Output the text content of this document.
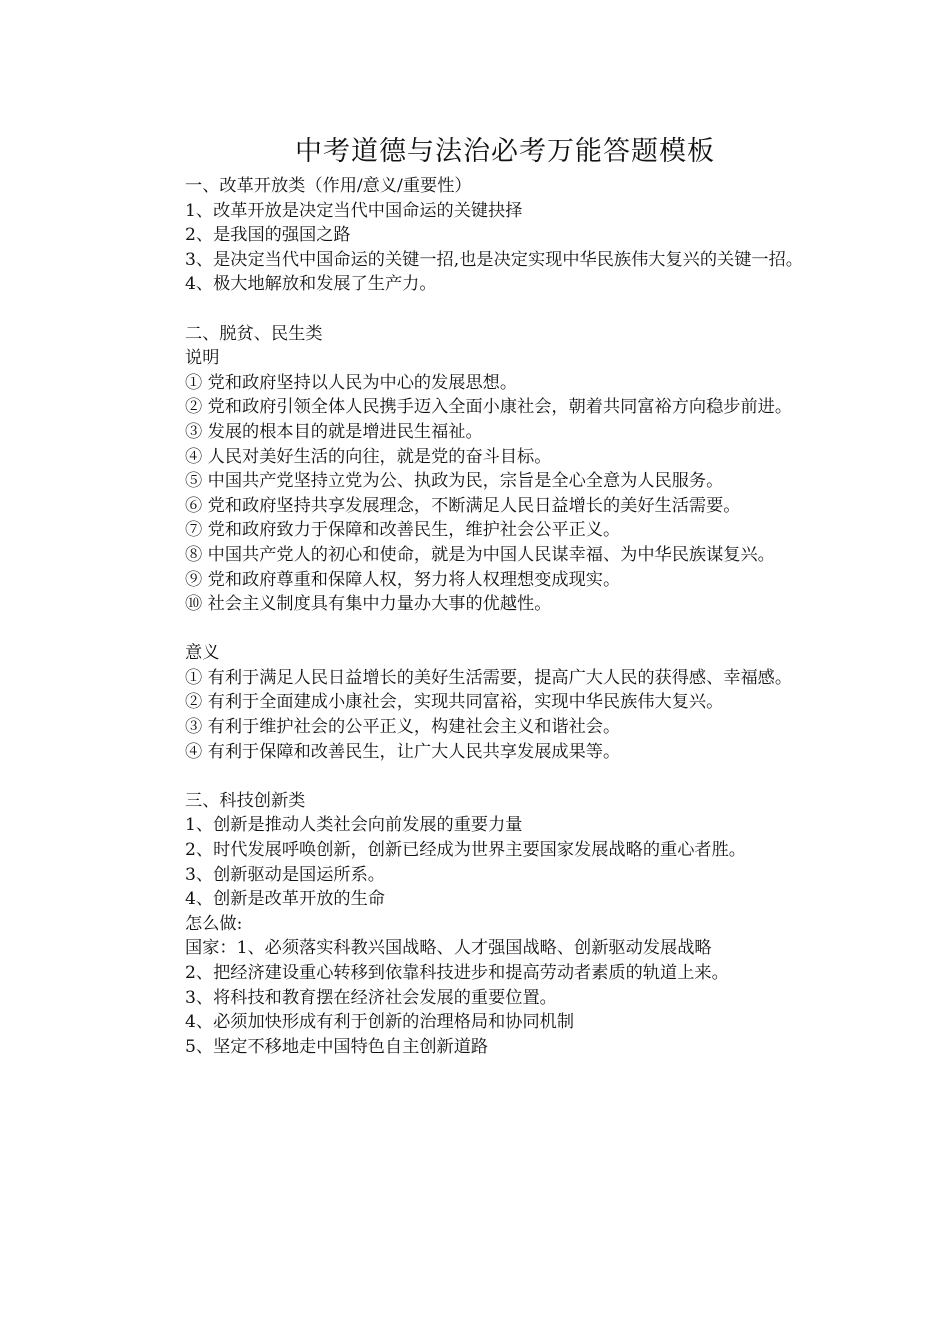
中考道德与法治必考万能答题模板

一、改革开放类（作用/意义/重要性）

1、改革开放是决定当代中国命运的关键抉择

2、是我国的强国之路

3、是决定当代中国命运的关键一招,也是决定实现中华民族伟大复兴的关键一招。

4、极大地解放和发展了生产力。

二、脱贫、民生类

说明

① 党和政府坚持以人民为中心的发展思想。

② 党和政府引领全体人民携手迈入全面小康社会，朝着共同富裕方向稳步前进。

③ 发展的根本目的就是增进民生福祉。

④ 人民对美好生活的向往，就是党的奋斗目标。

⑤ 中国共产党坚持立党为公、执政为民，宗旨是全心全意为人民服务。

⑥ 党和政府坚持共享发展理念，不断满足人民日益增长的美好生活需要。

⑦ 党和政府致力于保障和改善民生，维护社会公平正义。

⑧ 中国共产党人的初心和使命，就是为中国人民谋幸福、为中华民族谋复兴。

⑨ 党和政府尊重和保障人权，努力将人权理想变成现实。

⑩ 社会主义制度具有集中力量办大事的优越性。

意义

① 有利于满足人民日益增长的美好生活需要，提高广大人民的获得感、幸福感。

② 有利于全面建成小康社会，实现共同富裕，实现中华民族伟大复兴。

③ 有利于维护社会的公平正义，构建社会主义和谐社会。

④ 有利于保障和改善民生，让广大人民共享发展成果等。

三、科技创新类

1、创新是推动人类社会向前发展的重要力量

2、时代发展呼唤创新，创新已经成为世界主要国家发展战略的重心者胜。

3、创新驱动是国运所系。

4、创新是改革开放的生命

怎么做:

国家：1、必须落实科教兴国战略、人才强国战略、创新驱动发展战略

2、把经济建设重心转移到依靠科技进步和提高劳动者素质的轨道上来。

3、将科技和教育摆在经济社会发展的重要位置。

4、必须加快形成有利于创新的治理格局和协同机制

5、坚定不移地走中国特色自主创新道路
